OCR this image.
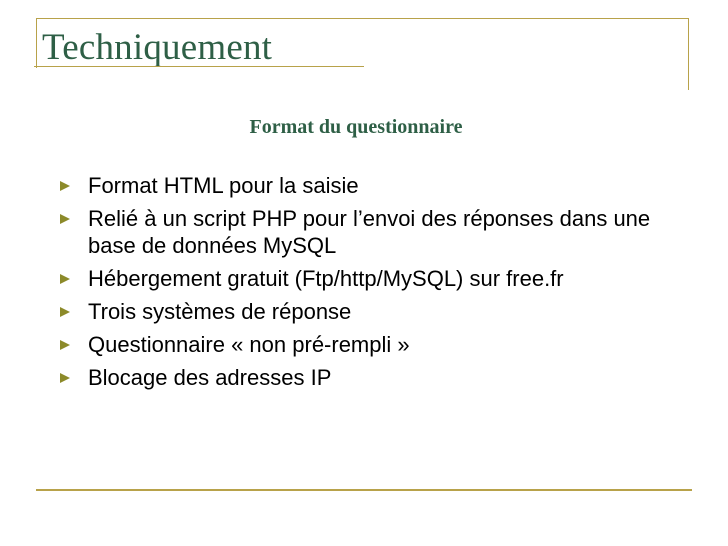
Techniquement
Format du questionnaire
Format HTML pour la saisie
Relié à un script PHP pour l’envoi des réponses dans une base de données MySQL
Hébergement gratuit (Ftp/http/MySQL) sur free.fr
Trois systèmes de réponse
Questionnaire « non pré-rempli »
Blocage des adresses IP
